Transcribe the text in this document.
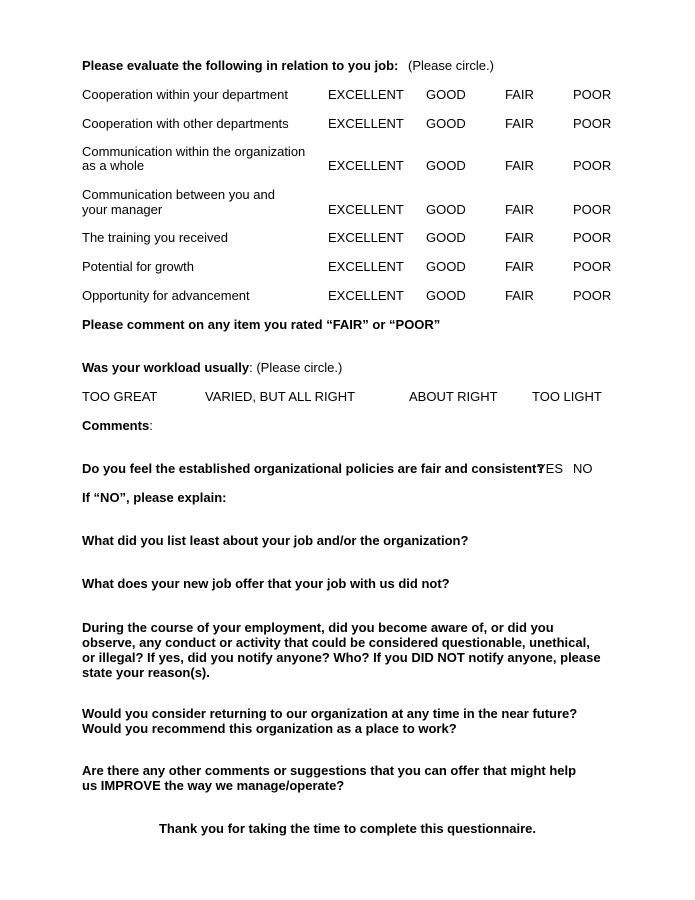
Please evaluate the following in relation to you job: (Please circle.)
Cooperation within your department	EXCELLENT GOOD	FAIR	POOR
Cooperation with other departments	EXCELLENT GOOD	FAIR	POOR
Communication within the organization
as a whole	EXCELLENT GOOD	FAIR	POOR
Communication between you and
your manager	EXCELLENT GOOD	FAIR	POOR
The training you received	EXCELLENT GOOD	FAIR	POOR
Potential for growth	EXCELLENT GOOD	FAIR	POOR
Opportunity for advancement	EXCELLENT GOOD	FAIR	POOR
Please comment on any item you rated “FAIR” or “POOR”
Was your workload usually: (Please circle.)
TOO GREAT	VARIED, BUT ALL RIGHT	ABOUT RIGHT	TOO LIGHT
Comments:
Do you feel the established organizational policies are fair and consistent?
YES NO
If “NO”, please explain:
What did you list least about your job and/or the organization?
What does your new job offer that your job with us did not?
During the course of your employment, did you become aware of, or did you observe, any conduct or activity that could be considered questionable, unethical, or illegal? If yes, did you notify anyone? Who? If you DID NOT notify anyone, please state your reason(s).
Would you consider returning to our organization at any time in the near future? Would you recommend this organization as a place to work?
Are there any other comments or suggestions that you can offer that might help us IMPROVE the way we manage/operate?
Thank you for taking the time to complete this questionnaire.
